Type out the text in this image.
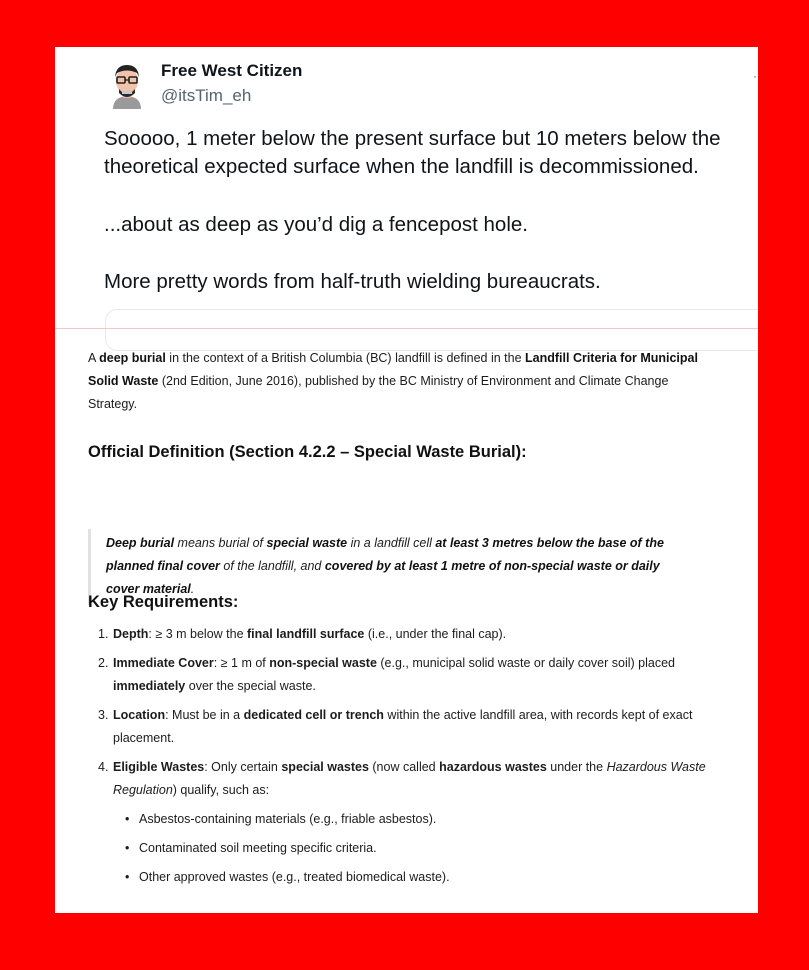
Free West Citizen
@itsTim_eh
·
Sooooo, 1 meter below the present surface but 10 meters below the theoretical expected surface when the landfill is decommissioned.
...about as deep as you’d dig a fencepost hole.
More pretty words from half-truth wielding bureaucrats.
A deep burial in the context of a British Columbia (BC) landfill is defined in the Landfill Criteria for Municipal Solid Waste (2nd Edition, June 2016), published by the BC Ministry of Environment and Climate Change Strategy.
Official Definition (Section 4.2.2 – Special Waste Burial):
Deep burial means burial of special waste in a landfill cell at least 3 metres below the base of the planned final cover of the landfill, and covered by at least 1 metre of non-special waste or daily cover material.
Key Requirements:
1. Depth: ≥ 3 m below the final landfill surface (i.e., under the final cap).
2. Immediate Cover: ≥ 1 m of non-special waste (e.g., municipal solid waste or daily cover soil) placed immediately over the special waste.
3. Location: Must be in a dedicated cell or trench within the active landfill area, with records kept of exact placement.
4. Eligible Wastes: Only certain special wastes (now called hazardous wastes under the Hazardous Waste Regulation) qualify, such as:
• Asbestos-containing materials (e.g., friable asbestos).
• Contaminated soil meeting specific criteria.
• Other approved wastes (e.g., treated biomedical waste).
